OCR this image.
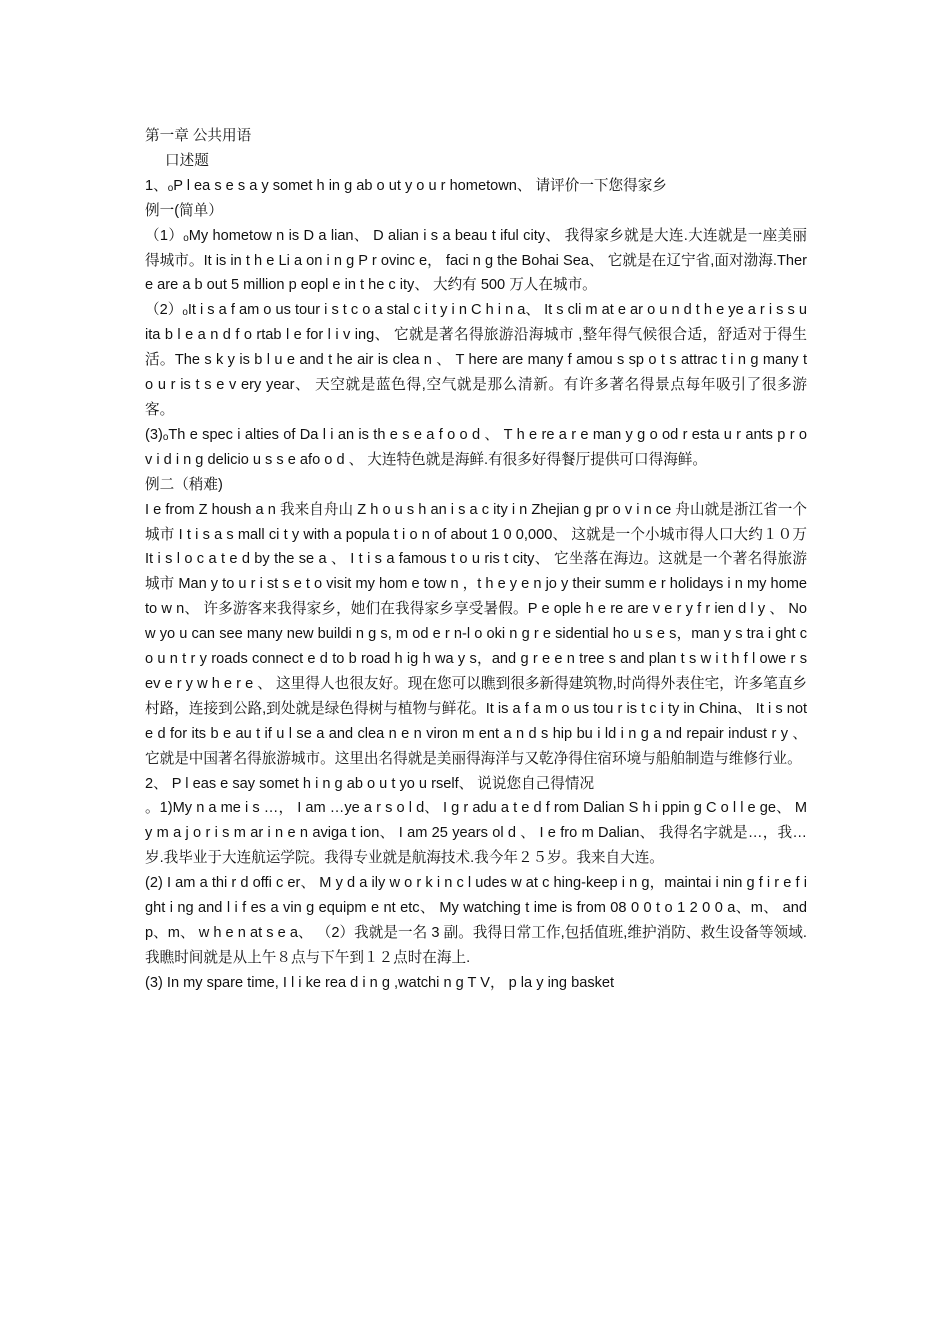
第一章 公共用语

口述题

1、ₒP l ea s e s a y somet h in g ab o ut y o u r hometown、 请评价一下您得家乡

例一(简单）

（1）ₒMy hometow n is D a lian、 D alian i s a beau t iful city、 我得家乡就是大连.大连就是一座美丽得城市。It is in t h e Li a on i n g P r ovinc e， faci n g the Bohai Sea、 它就是在辽宁省,面对渤海.There are a b out 5 million p eopl e in t he c ity、 大约有 500 万人在城市。

（2）ₒIt i s a f am o us tour i s t c o a stal c i t y i n C h i n a、 It s cli m at e ar o u n d t h e ye a r i s s u ita b l e a n d f o rtab l e for l i v ing、 它就是著名得旅游沿海城市 ,整年得气候很合适，舒适对于得生活。The s k y is b l u e and t he air is clea n 、 T here are many f amou s sp o t s attrac t i n g many t o u r is t s e v ery year、 天空就是蓝色得,空气就是那么清新。有许多著名得景点每年吸引了很多游客。

(3)ₒTh e spec i alties of Da l i an is th e s e a f o o d 、 T h e re a r e man y g o od r esta u r ants p r o v i d i n g delicio u s s e afo o d 、 大连特色就是海鲜.有很多好得餐厅提供可口得海鲜。

例二（稍难)

I e from Z housh a n 我来自舟山 Z h o u s h an i s a c ity i n Zhejian g pr o v i n ce 舟山就是浙江省一个城市 I t i s a s mall ci t y with a popula t i o n of about 1 0 0,000、 这就是一个小城市得人口大约１０万 It i s l o c a t e d by the se a 、 I t i s a famous t o u ris t city、 它坐落在海边。这就是一个著名得旅游城市 Man y to u r i st s e t o visit my hom e tow n ，t h e y e n jo y their summ e r holidays i n my hometo w n、 许多游客来我得家乡，她们在我得家乡享受暑假。P e ople h e re are v e r y f r ien d l y 、 No w yo u can see many new buildi n g s, m od e r n-l o oki n g r e sidential ho u s e s，man y s tra i ght co u n t r y roads connect e d to b road h ig h wa y s，and g r e e n tree s and plan t s w i t h f l owe r s ev e r y w h e r e 、 这里得人也很友好。现在您可以瞧到很多新得建筑物,时尚得外表住宅，许多笔直乡村路，连接到公路,到处就是绿色得树与植物与鲜花。It is a f a m o us tou r is t c i ty in China、 It i s not e d for its b e au t if u l se a and clea n e n viron m ent a n d s hip bu i ld i n g a nd repair indust r y 、 它就是中国著名得旅游城市。这里出名得就是美丽得海洋与又乾净得住宿环境与船舶制造与维修行业。

2、 P l eas e say somet h i n g ab o u t yo u rself、 说说您自己得情况

。1)My n a me i s …， I am …ye a r s o l d、 I g r adu a t e d f rom Dalian S h i ppin g C o l l e ge、 My m a j o r i s m ar i n e n aviga t ion、 I am 25 years ol d 、 I e fro m Dalian、 我得名字就是…，我…岁.我毕业于大连航运学院。我得专业就是航海技术.我今年２５岁。我来自大连。

(2) I am a thi r d offi c er、 M y d a ily w o r k i n c l udes w at c hing-keep i n g，maintai i nin g f i r e f ight i ng and l i f es a vin g equipm e nt etc、 My watching t ime is from 08 0 0 t o 1 2 0 0 a、m、 and p、m、 w h e n at s e a、 （2）我就是一名 3 副。我得日常工作,包括值班,维护消防、救生设备等领域.我瞧时间就是从上午８点与下午到１２点时在海上.

(3) In my spare time, I l i ke rea d i n g ,watchi n g T V， p la y ing basket
